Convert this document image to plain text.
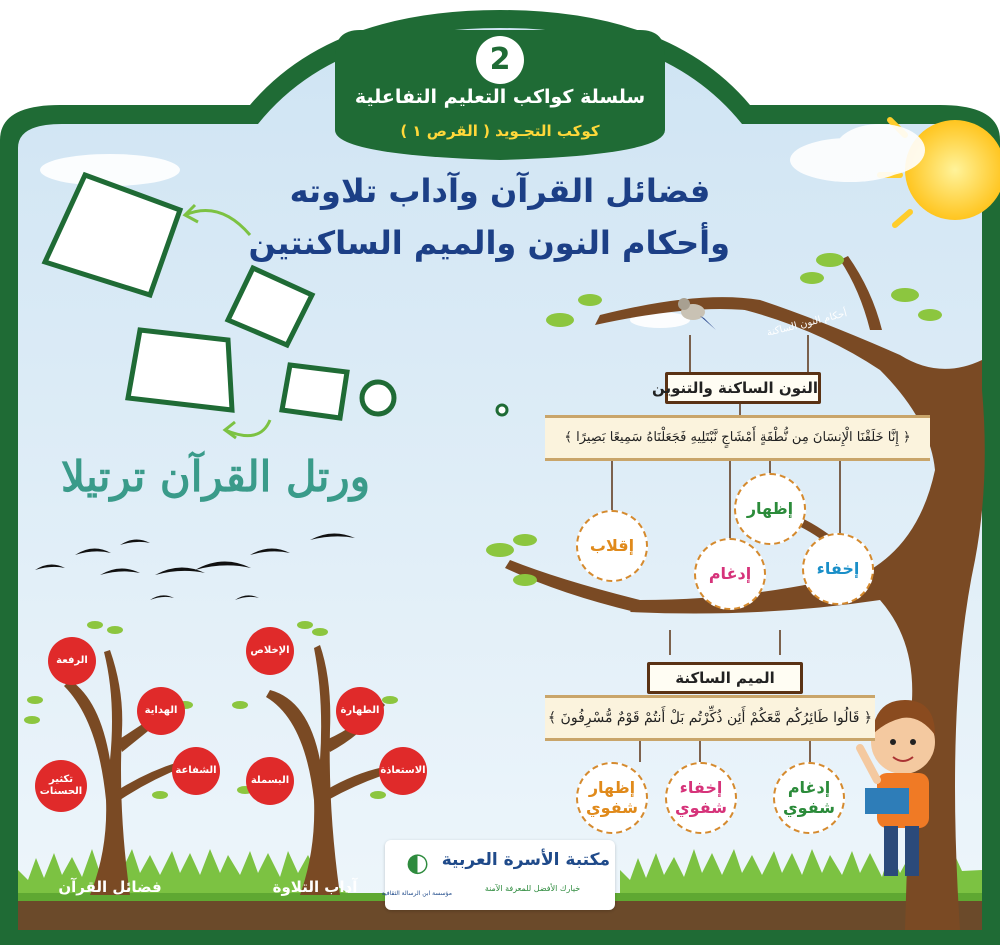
2
سلسلة كواكب التعليم التفاعلية
كوكب التجـويد ( القرص ١ )
فضائل القرآن وآداب تلاوته
وأحكام النون والميم الساكنتين
ورتل القرآن ترتيلا
أحكام النون الساكنة
النون الساكنة والتنوين
﴿ إِنَّا خَلَقْنَا الْإِنسَانَ مِن نُّطْفَةٍ أَمْشَاجٍ نَّبْتَلِيهِ فَجَعَلْنَاهُ سَمِيعًا بَصِيرًا ﴾
إظهار
إدغام
إقلاب
إخفاء
الميم الساكنة
﴿ قَالُوا طَائِرُكُم مَّعَكُمْ أَئِن ذُكِّرْتُم بَلْ أَنتُمْ قَوْمٌ مُّسْرِفُونَ ﴾
إدغام شفوي
إخفاء شفوي
إظهار شفوي
الرفعة
الهداية
الشفاعة
تكثير الحسنات
الإخلاص
الطهارة
البسملة
الاستعاذة
فضائل القرآن	آداب التلاوة
◐
مؤسسة ابن الرسالة الثقافية
مكتبة الأسرة العربية
خيارك الأفضل للمعرفة الآمنة
